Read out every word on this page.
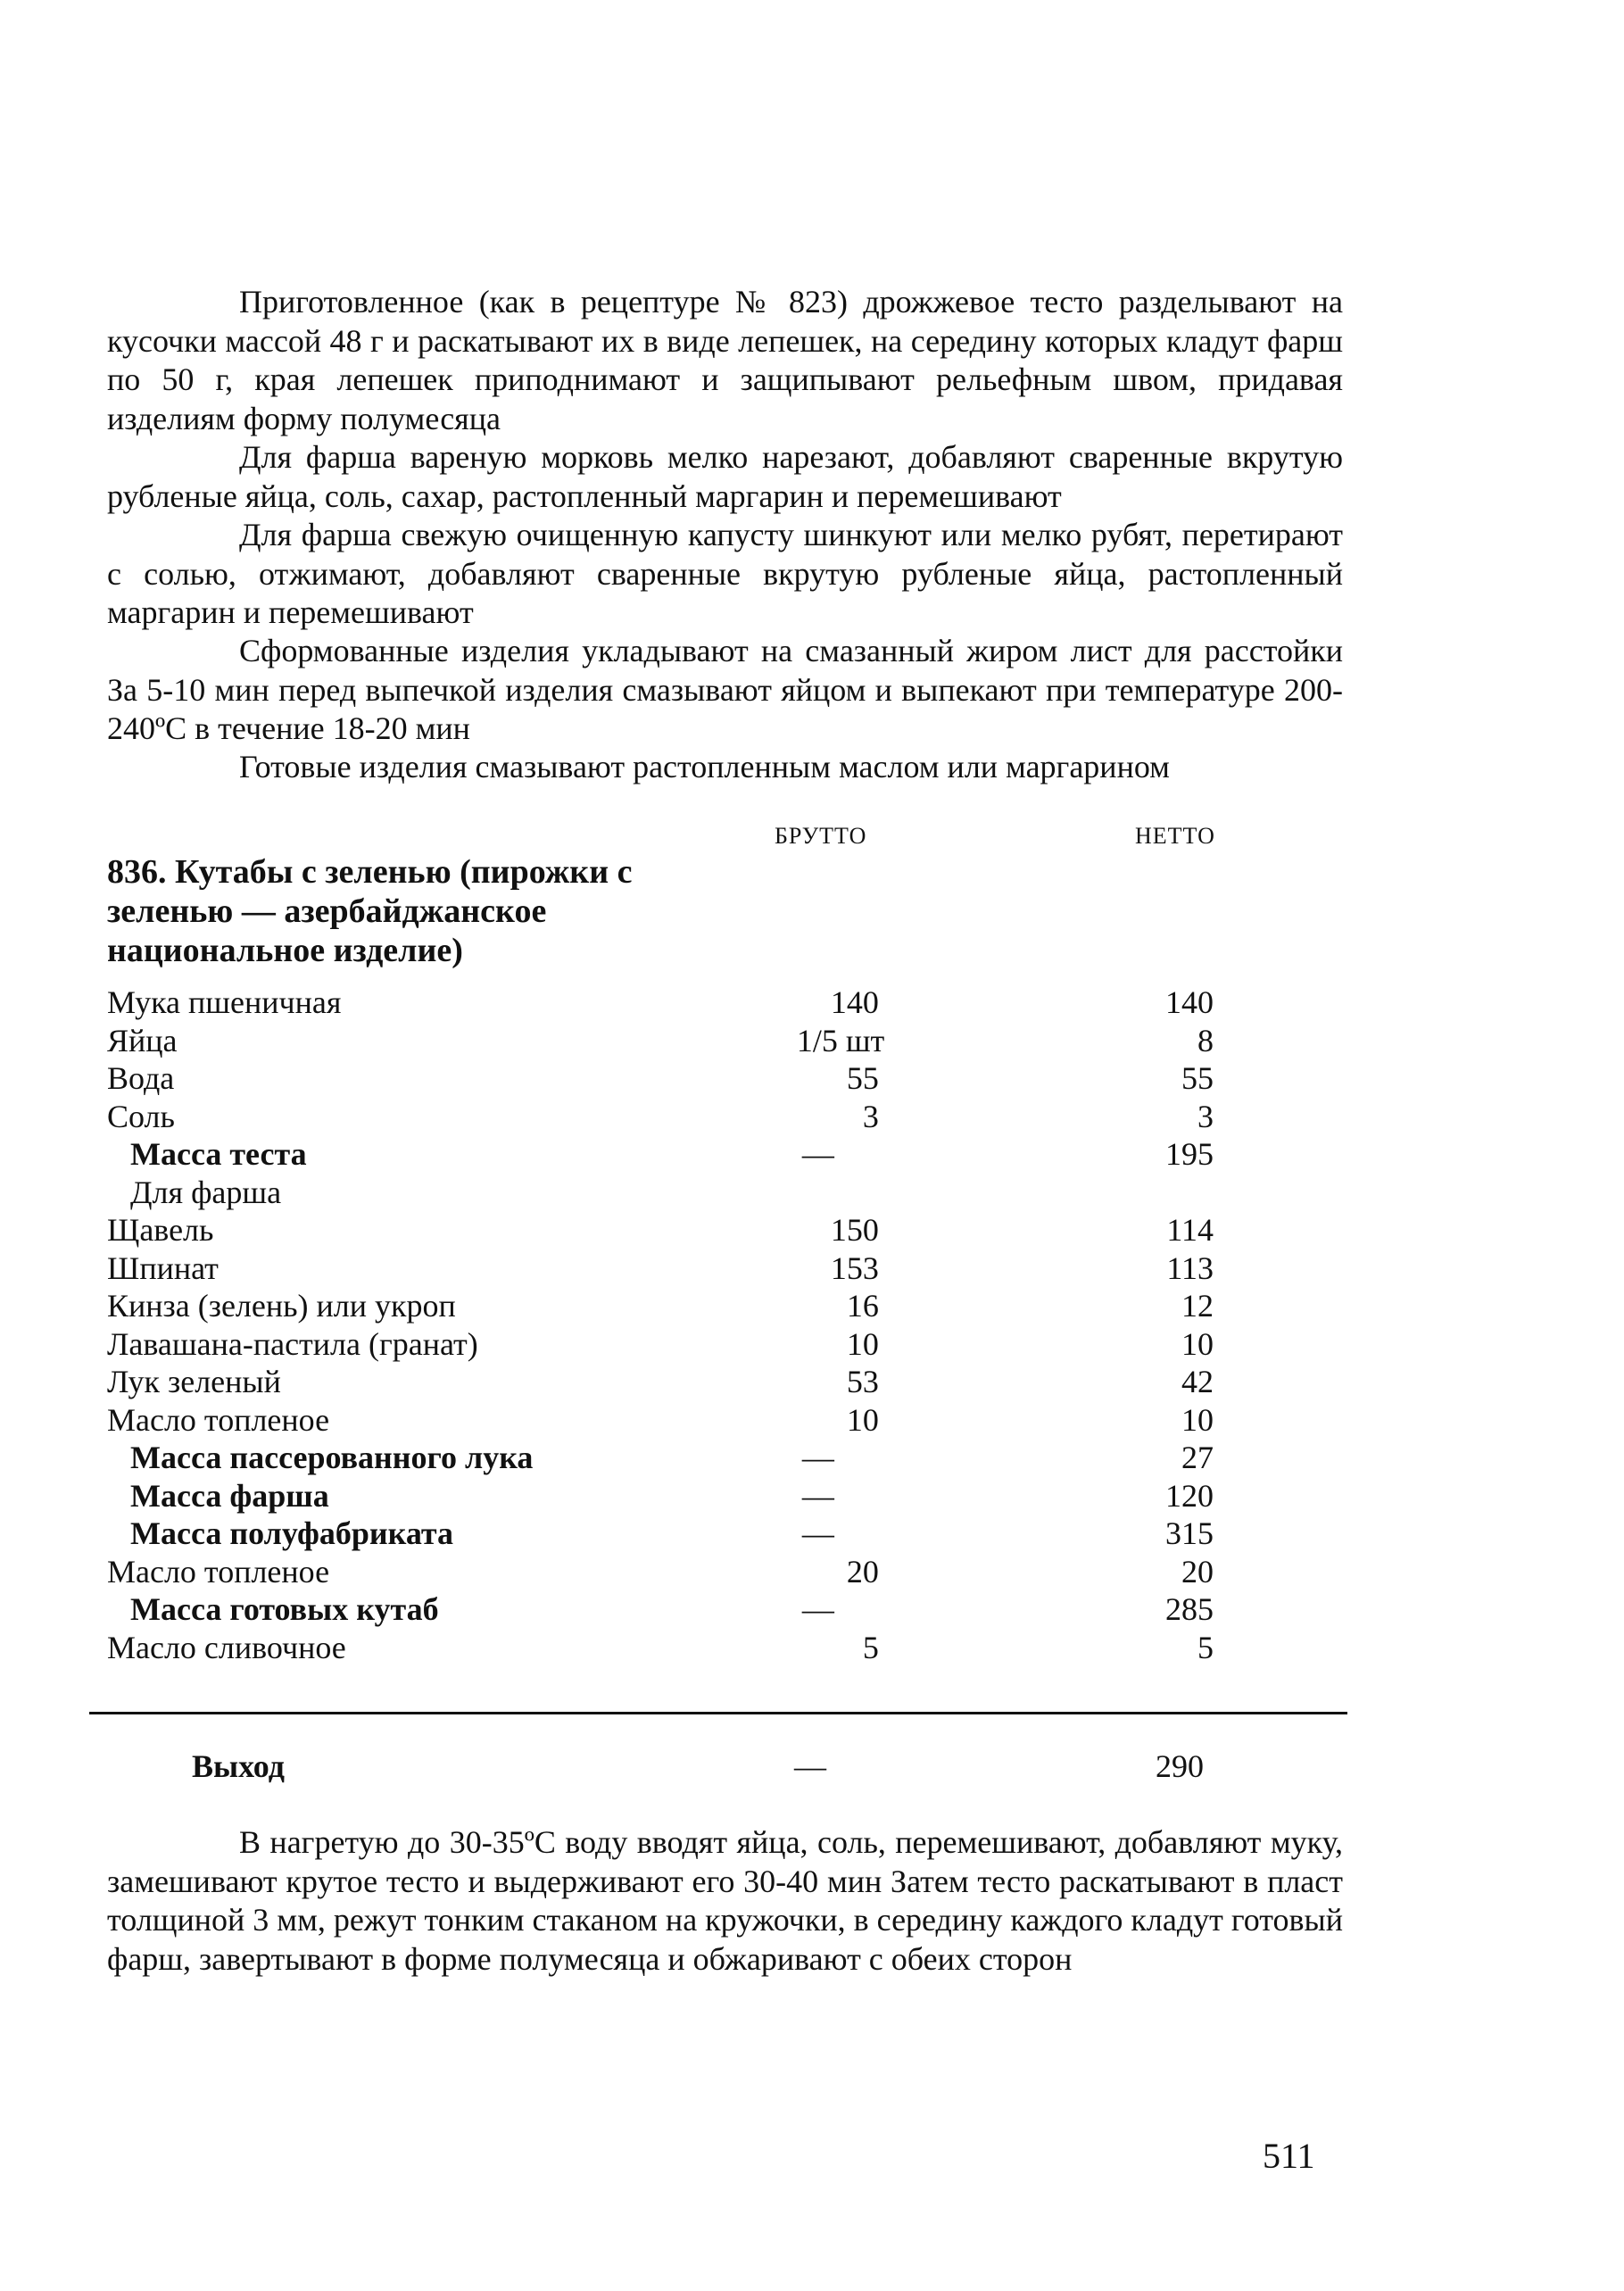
Приготовленное (как в рецептуре № 823) дрожжевое тесто разделывают на кусочки массой 48 г и раскатывают их в виде лепешек, на середину которых кладут фарш по 50 г, края лепешек приподнимают и защипывают рельефным швом, придавая изделиям форму полумесяца

Для фарша вареную морковь мелко нарезают, добавляют сваренные вкрутую рубленые яйца, соль, сахар, растопленный маргарин и перемешивают

Для фарша свежую очищенную капусту шинкуют или мелко рубят, перетирают с солью, отжимают, добавляют сваренные вкрутую рубленые яйца, растопленный маргарин и перемешивают

Сформованные изделия укладывают на смазанный жиром лист для расстойки За 5-10 мин перед выпечкой изделия смазывают яйцом и выпекают при температуре 200-240ºС в течение 18-20 мин

Готовые изделия смазывают растопленным маслом или маргарином

БРУТТО	НЕТТО
836. Кутабы с зеленью (пирожки с зеленью — азербайджанское национальное изделие)
Мука пшеничная	140	140
Яйца	1/5 шт	8
Вода	55	55
Соль	3	3
Масса теста	—	195
Для фарша		
Щавель	150	114
Шпинат	153	113
Кинза (зелень) или укроп	16	12
Лавашана-пастила (гранат)	10	10
Лук зеленый	53	42
Масло топленое	10	10
Масса пассерованного лука	—	27
Масса фарша	—	120
Масса полуфабриката	—	315
Масло топленое	20	20
Масса готовых кутаб	—	285
Масло сливочное	5	5
Выход	—	290

В нагретую до 30-35ºС воду вводят яйца, соль, перемешивают, добавляют муку, замешивают крутое тесто и выдерживают его 30-40 мин Затем тесто раскатывают в пласт толщиной 3 мм, режут тонким стаканом на кружочки, в середину каждого кладут готовый фарш, завертывают в форме полумесяца и обжаривают с обеих сторон

511
